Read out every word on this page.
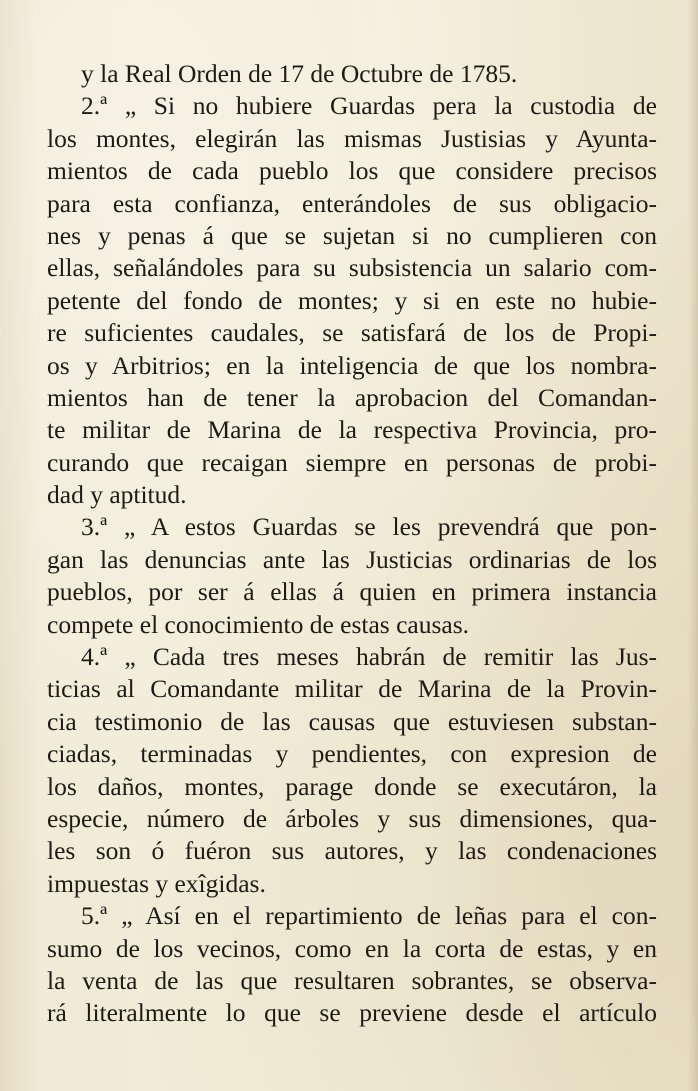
y la Real Orden de 17 de Octubre de 1785.
2.ª „ Si no hubiere Guardas pera la custodia de
los montes, elegirán las mismas Justisias y Ayunta-
mientos de cada pueblo los que considere precisos
para esta confianza, enterándoles de sus obligacio-
nes y penas á que se sujetan si no cumplieren con
ellas, señalándoles para su subsistencia un salario com-
petente del fondo de montes; y si en este no hubie-
re suficientes caudales, se satisfará de los de Propi-
os y Arbitrios; en la inteligencia de que los nombra-
mientos han de tener la aprobacion del Comandan-
te militar de Marina de la respectiva Provincia, pro-
curando que recaigan siempre en personas de probi-
dad y aptitud.
3.ª „ A estos Guardas se les prevendrá que pon-
gan las denuncias ante las Justicias ordinarias de los
pueblos, por ser á ellas á quien en primera instancia
compete el conocimiento de estas causas.
4.ª „ Cada tres meses habrán de remitir las Jus-
ticias al Comandante militar de Marina de la Provin-
cia testimonio de las causas que estuviesen substan-
ciadas, terminadas y pendientes, con expresion de
los daños, montes, parage donde se executáron, la
especie, número de árboles y sus dimensiones, qua-
les son ó fuéron sus autores, y las condenaciones
impuestas y exîgidas.
5.ª „ Así en el repartimiento de leñas para el con-
sumo de los vecinos, como en la corta de estas, y en
la venta de las que resultaren sobrantes, se observa-
rá literalmente lo que se previene desde el artículo
